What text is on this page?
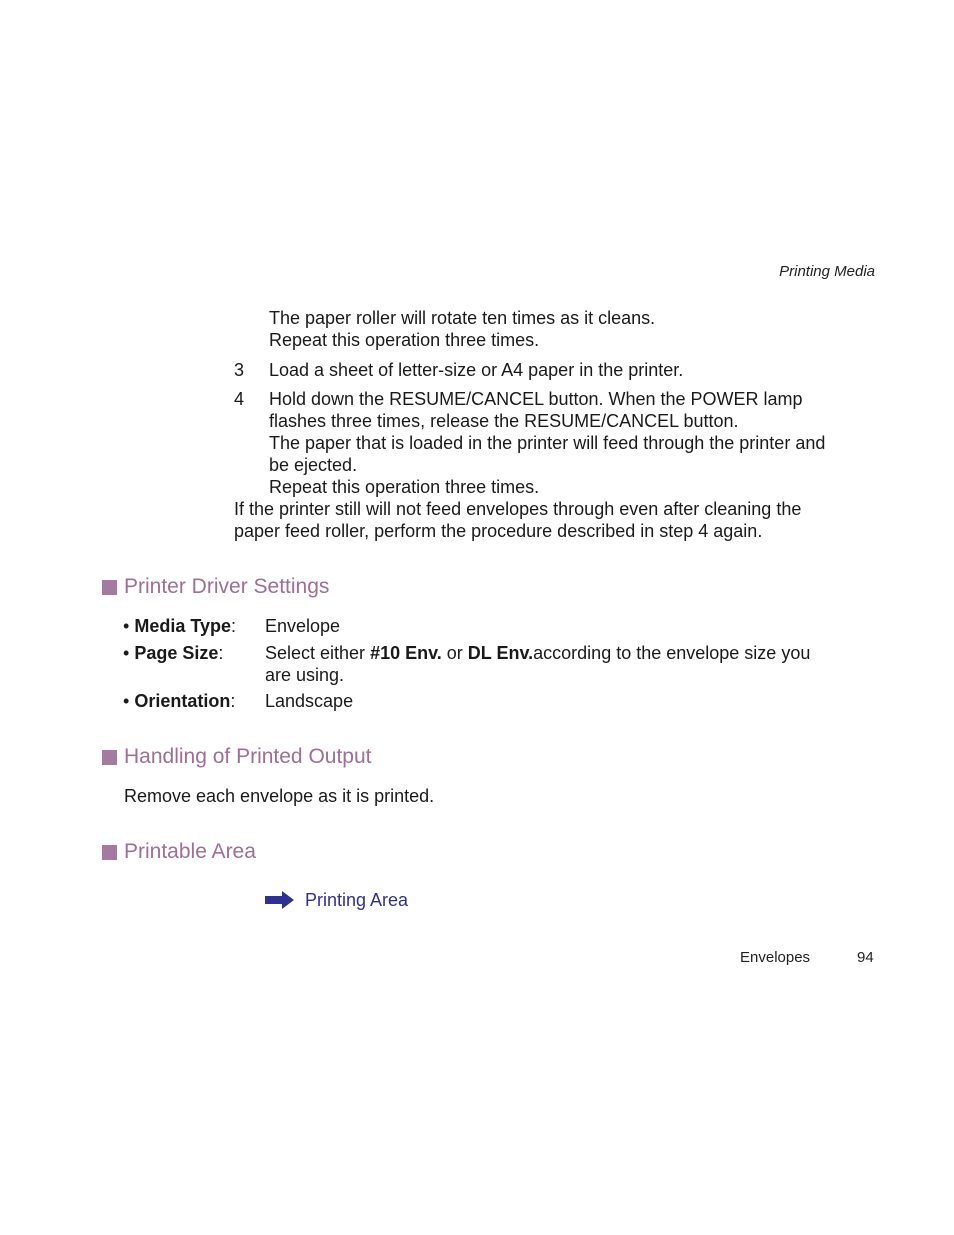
Printing Media
The paper roller will rotate ten times as it cleans.
Repeat this operation three times.
3 Load a sheet of letter-size or A4 paper in the printer.
4 Hold down the RESUME/CANCEL button. When the POWER lamp
flashes three times, release the RESUME/CANCEL button.
The paper that is loaded in the printer will feed through the printer and
be ejected.
Repeat this operation three times.
If the printer still will not feed envelopes through even after cleaning the
paper feed roller, perform the procedure described in step 4 again.
Printer Driver Settings
• Media Type: Envelope
• Page Size: Select either #10 Env. or DL Env.according to the envelope size you
are using.
• Orientation: Landscape
Handling of Printed Output
Remove each envelope as it is printed.
Printable Area
Printing Area
Envelopes	94
